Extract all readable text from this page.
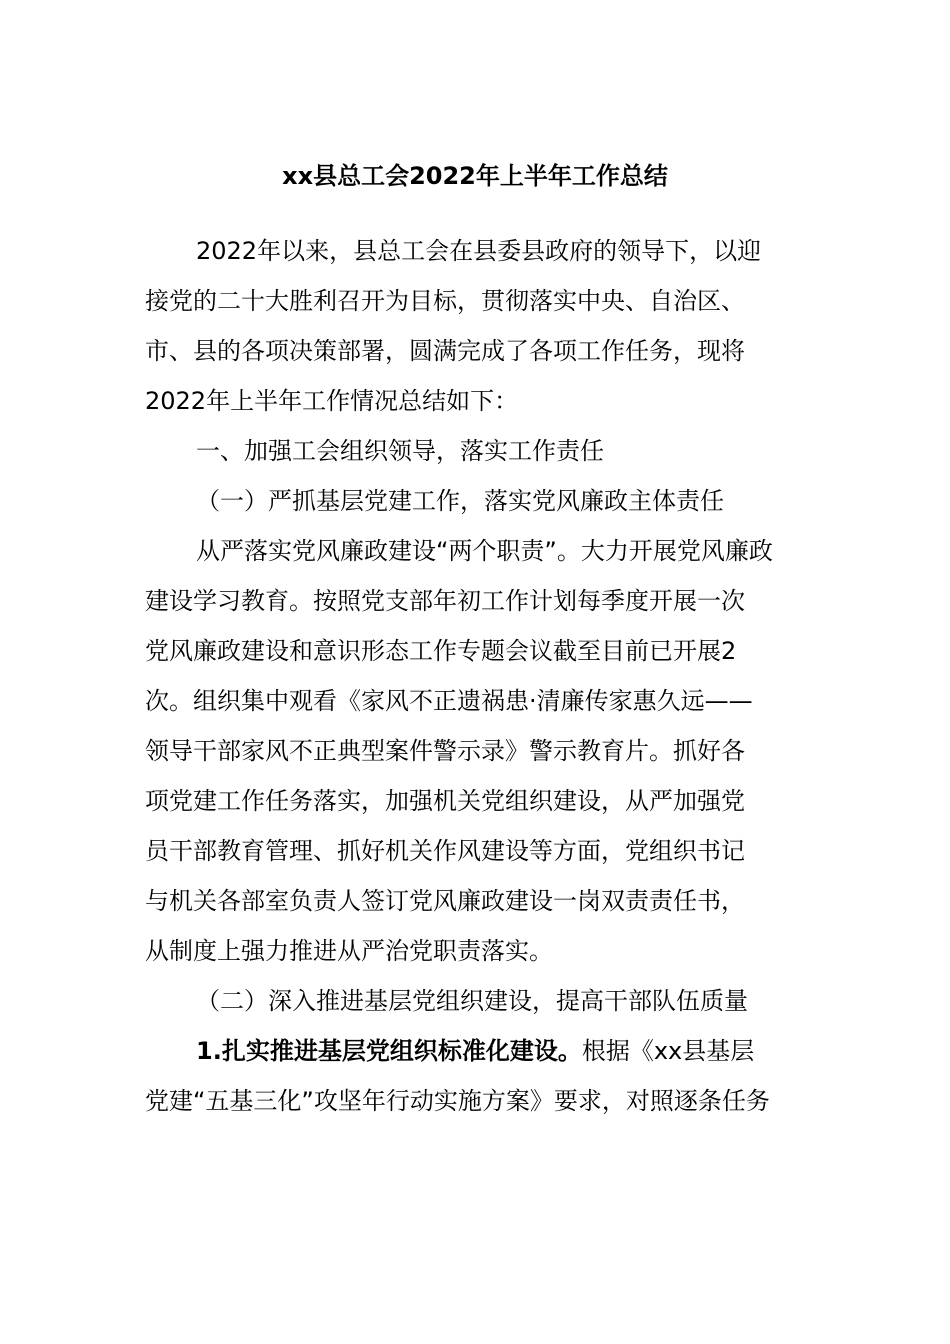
xx县总工会2022年上半年工作总结
2022年以来，县总工会在县委县政府的领导下，以迎
接党的二十大胜利召开为目标，贯彻落实中央、自治区、
市、县的各项决策部署，圆满完成了各项工作任务，现将
2022年上半年工作情况总结如下：
一、加强工会组织领导，落实工作责任
（一）严抓基层党建工作，落实党风廉政主体责任
从严落实党风廉政建设“两个职责”。大力开展党风廉政
建设学习教育。按照党支部年初工作计划每季度开展一次
党风廉政建设和意识形态工作专题会议截至目前已开展2
次。组织集中观看《家风不正遗祸患·清廉传家惠久远——
领导干部家风不正典型案件警示录》警示教育片。抓好各
项党建工作任务落实，加强机关党组织建设，从严加强党
员干部教育管理、抓好机关作风建设等方面，党组织书记
与机关各部室负责人签订党风廉政建设一岗双责责任书，
从制度上强力推进从严治党职责落实。
（二）深入推进基层党组织建设，提高干部队伍质量
1.扎实推进基层党组织标准化建设。根据《xx县基层
党建“五基三化”攻坚年行动实施方案》要求，对照逐条任务
